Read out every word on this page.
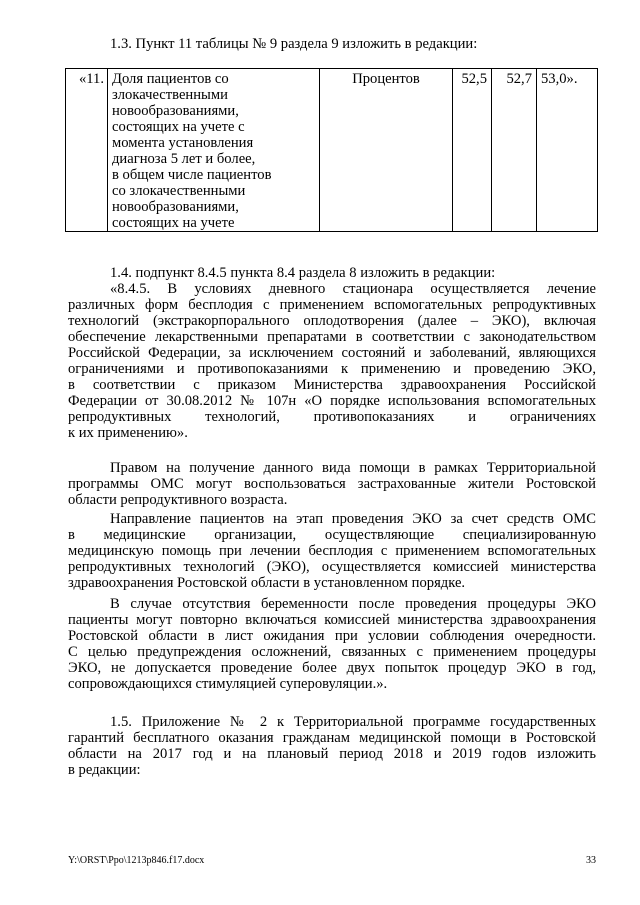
1.3. Пункт 11 таблицы № 9 раздела 9 изложить в редакции:

«11.	Доля пациентов со
злокачественными
новообразованиями,
состоящих на учете с
момента установления
диагноза 5 лет и более,
в общем числе пациентов
со злокачественными
новообразованиями,
состоящих на учете
	Процентов	52,5	52,7	53,0».

1.4. подпункт 8.4.5 пункта 8.4 раздела 8 изложить в редакции:

«8.4.5. В условиях дневного стационара осуществляется лечение

различных форм бесплодия с применением вспомогательных репродуктивных

технологий (экстракорпорального оплодотворения (далее – ЭКО), включая

обеспечение лекарственными препаратами в соответствии с законодательством

Российской Федерации, за исключением состояний и заболеваний, являющихся

ограничениями и противопоказаниями к применению и проведению ЭКО,

в соответствии с приказом Министерства здравоохранения Российской

Федерации от 30.08.2012 № 107н «О порядке использования вспомогательных

репродуктивных технологий, противопоказаниях и ограничениях

к их применению».

Правом на получение данного вида помощи в рамках Территориальной

программы ОМС могут воспользоваться застрахованные жители Ростовской

области репродуктивного возраста.

Направление пациентов на этап проведения ЭКО за счет средств ОМС

в медицинские организации, осуществляющие специализированную

медицинскую помощь при лечении бесплодия с применением вспомогательных

репродуктивных технологий (ЭКО), осуществляется комиссией министерства

здравоохранения Ростовской области в установленном порядке.

В случае отсутствия беременности после проведения процедуры ЭКО

пациенты могут повторно включаться комиссией министерства здравоохранения

Ростовской области в лист ожидания при условии соблюдения очередности.

С целью предупреждения осложнений, связанных с применением процедуры

ЭКО, не допускается проведение более двух попыток процедур ЭКО в год,

сопровождающихся стимуляцией суперовуляции.».

1.5. Приложение № 2 к Территориальной программе государственных

гарантий бесплатного оказания гражданам медицинской помощи в Ростовской

области на 2017 год и на плановый период 2018 и 2019 годов изложить

в редакции:

Y:\ORST\Ppo\1213p846.f17.docx	33
